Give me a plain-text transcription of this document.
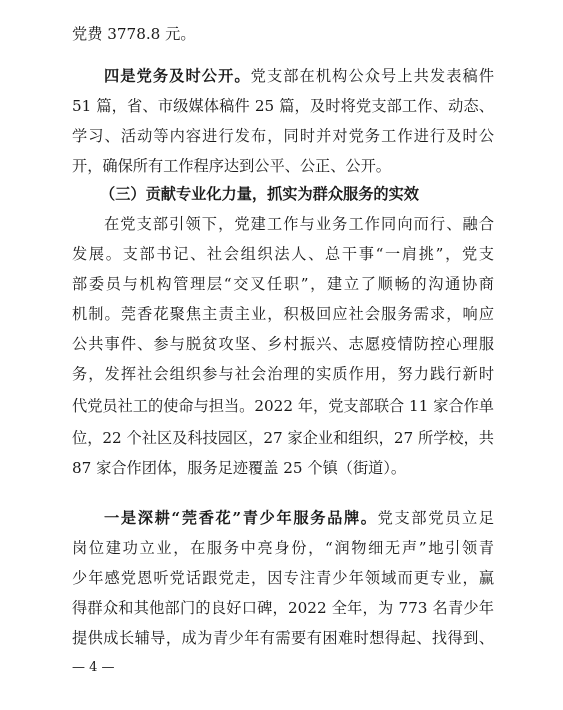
党费 3778.8 元。
四是党务及时公开。党支部在机构公众号上共发表稿件
51 篇，省、市级媒体稿件 25 篇，及时将党支部工作、动态、
学习、活动等内容进行发布，同时并对党务工作进行及时公
开，确保所有工作程序达到公平、公正、公开。
（三）贡献专业化力量，抓实为群众服务的实效
在党支部引领下，党建工作与业务工作同向而行、融合
发展。支部书记、社会组织法人、总干事“一肩挑”，党支
部委员与机构管理层“交叉任职”，建立了顺畅的沟通协商
机制。莞香花聚焦主责主业，积极回应社会服务需求，响应
公共事件、参与脱贫攻坚、乡村振兴、志愿疫情防控心理服
务，发挥社会组织参与社会治理的实质作用，努力践行新时
代党员社工的使命与担当。2022 年，党支部联合 11 家合作单
位，22 个社区及科技园区，27 家企业和组织，27 所学校，共
87 家合作团体，服务足迹覆盖 25 个镇（街道）。
一是深耕“莞香花”青少年服务品牌。党支部党员立足
岗位建功立业，在服务中亮身份，“润物细无声”地引领青
少年感党恩听党话跟党走，因专注青少年领域而更专业，赢
得群众和其他部门的良好口碑，2022 全年，为 773 名青少年
提供成长辅导，成为青少年有需要有困难时想得起、找得到、
— 4 —
